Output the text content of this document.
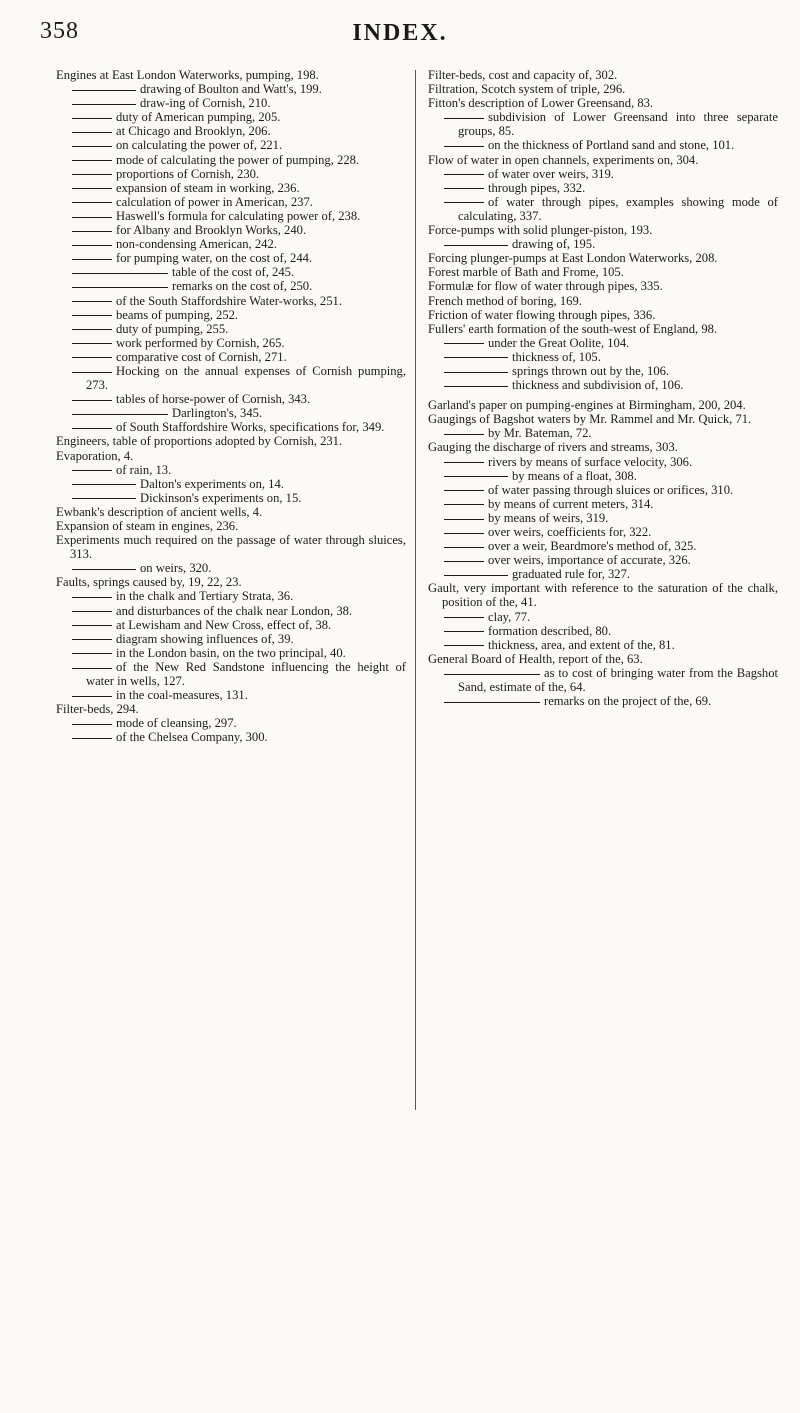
358	INDEX.

Engines at East London Waterworks, pumping, 198.

drawing of Boulton and Watt's, 199.

draw-ing of Cornish, 210.

duty of American pumping, 205.

at Chicago and Brooklyn, 206.

on calculating the power of, 221.

mode of calculating the power of pumping, 228.

proportions of Cornish, 230.

expansion of steam in working, 236.

calculation of power in American, 237.

Haswell's formula for calculating power of, 238.

for Albany and Brooklyn Works, 240.

non-condensing American, 242.

for pumping water, on the cost of, 244.

table of the cost of, 245.

remarks on the cost of, 250.

of the South Staffordshire Water-works, 251.

beams of pumping, 252.

duty of pumping, 255.

work performed by Cornish, 265.

comparative cost of Cornish, 271.

Hocking on the annual expenses of Cornish pumping, 273.

tables of horse-power of Cornish, 343.

Darlington's, 345.

of South Staffordshire Works, specifications for, 349.

Engineers, table of proportions adopted by Cornish, 231.

Evaporation, 4.

of rain, 13.

Dalton's experiments on, 14.

Dickinson's experiments on, 15.

Ewbank's description of ancient wells, 4.

Expansion of steam in engines, 236.

Experiments much required on the passage of water through sluices, 313.

on weirs, 320.

Faults, springs caused by, 19, 22, 23.

in the chalk and Tertiary Strata, 36.

and disturbances of the chalk near London, 38.

at Lewisham and New Cross, effect of, 38.

diagram showing influences of, 39.

in the London basin, on the two principal, 40.

of the New Red Sandstone influencing the height of water in wells, 127.

in the coal-measures, 131.

Filter-beds, 294.

mode of cleansing, 297.

of the Chelsea Company, 300.

Filter-beds, cost and capacity of, 302.

Filtration, Scotch system of triple, 296.

Fitton's description of Lower Greensand, 83.

subdivision of Lower Greensand into three separate groups, 85.

on the thickness of Portland sand and stone, 101.

Flow of water in open channels, experiments on, 304.

of water over weirs, 319.

through pipes, 332.

of water through pipes, examples showing mode of calculating, 337.

Force-pumps with solid plunger-piston, 193.

drawing of, 195.

Forcing plunger-pumps at East London Waterworks, 208.

Forest marble of Bath and Frome, 105.

Formulæ for flow of water through pipes, 335.

French method of boring, 169.

Friction of water flowing through pipes, 336.

Fullers' earth formation of the south-west of England, 98.

under the Great Oolite, 104.

thickness of, 105.

springs thrown out by the, 106.

thickness and subdivision of, 106.

Garland's paper on pumping-engines at Birmingham, 200, 204.

Gaugings of Bagshot waters by Mr. Rammel and Mr. Quick, 71.

by Mr. Bateman, 72.

Gauging the discharge of rivers and streams, 303.

rivers by means of surface velocity, 306.

by means of a float, 308.

of water passing through sluices or orifices, 310.

by means of current meters, 314.

by means of weirs, 319.

over weirs, coefficients for, 322.

over a weir, Beardmore's method of, 325.

over weirs, importance of accurate, 326.

graduated rule for, 327.

Gault, very important with reference to the saturation of the chalk, position of the, 41.

clay, 77.

formation described, 80.

thickness, area, and extent of the, 81.

General Board of Health, report of the, 63.

as to cost of bringing water from the Bagshot Sand, estimate of the, 64.

remarks on the project of the, 69.
